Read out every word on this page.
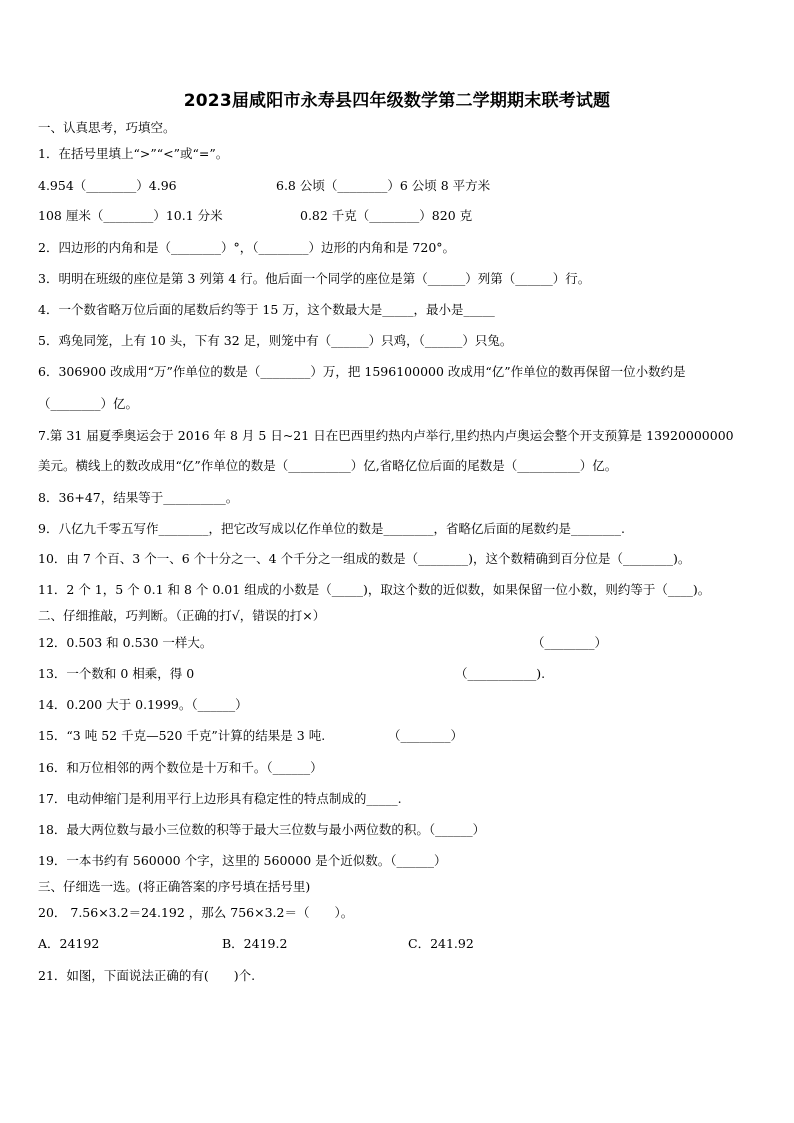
2023届咸阳市永寿县四年级数学第二学期期末联考试题
一、认真思考，巧填空。
1．在括号里填上“>”“<”或“=”。
4.954（________）4.96	6.8 公顷（________）6 公顷 8 平方米
108 厘米（________）10.1 分米	0.82 千克（________）820 克
2．四边形的内角和是（________）°，（________）边形的内角和是 720°。
3．明明在班级的座位是第 3 列第 4 行。他后面一个同学的座位是第（______）列第（______）行。
4．一个数省略万位后面的尾数后约等于 15 万，这个数最大是_____，最小是_____
5．鸡兔同笼，上有 10 头，下有 32 足，则笼中有（______）只鸡，（______）只兔。
6．306900 改成用“万”作单位的数是（________）万，把 1596100000 改成用“亿”作单位的数再保留一位小数约是
（________）亿。
7.第 31 届夏季奥运会于 2016 年 8 月 5 日~21 日在巴西里约热内卢举行,里约热内卢奥运会整个开支预算是 13920000000
美元。横线上的数改成用“亿”作单位的数是（__________）亿,省略亿位后面的尾数是（__________）亿。
8．36+47，结果等于__________。
9．八亿九千零五写作________，把它改写成以亿作单位的数是________，省略亿后面的尾数约是________.
10．由 7 个百、3 个一、6 个十分之一、4 个千分之一组成的数是（________)，这个数精确到百分位是（________)。
11．2 个 1，5 个 0.1 和 8 个 0.01 组成的小数是（_____)，取这个数的近似数，如果保留一位小数，则约等于（____)。
二、仔细推敲，巧判断。（正确的打√，错误的打×）
12．0.503 和 0.530 一样大。	（________）
13．一个数和 0 相乘，得 0	（___________).
14．0.200 大于 0.1999。（______）
15．“3 吨 52 千克—520 千克”计算的结果是 3 吨.	（________）
16．和万位相邻的两个数位是十万和千。（______）
17．电动伸缩门是利用平行上边形具有稳定性的特点制成的_____.
18．最大两位数与最小三位数的积等于最大三位数与最小两位数的积。（______）
19．一本书约有 560000 个字，这里的 560000 是个近似数。（______）
三、仔细选一选。(将正确答案的序号填在括号里)
20． 7.56×3.2＝24.192 ，那么 756×3.2＝（　　）。
A．24192	B．2419.2	C．241.92
21．如图，下面说法正确的有(　　)个.
